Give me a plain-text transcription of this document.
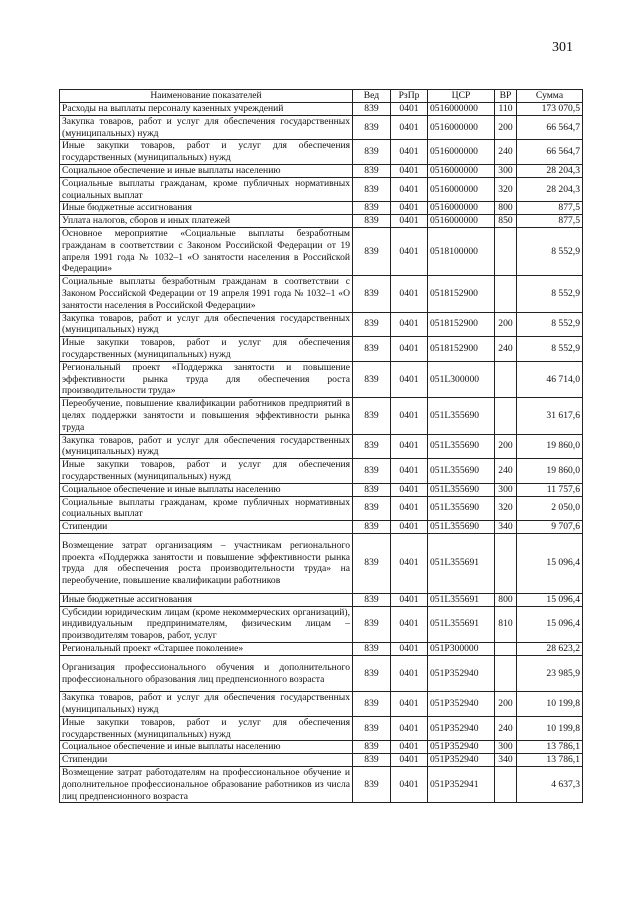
301
Наименование показателей	Вед	РзПр	ЦСР	ВР	Сумма
Расходы на выплаты персоналу казенных учреждений	839	0401	0516000000	110	173 070,5
Закупка товаров, работ и услуг для обеспечения государственных (муниципальных) нужд	839	0401	0516000000	200	66 564,7
Иные закупки товаров, работ и услуг для обеспечения государственных (муниципальных) нужд	839	0401	0516000000	240	66 564,7
Социальное обеспечение и иные выплаты населению	839	0401	0516000000	300	28 204,3
Социальные выплаты гражданам, кроме публичных нормативных социальных выплат	839	0401	0516000000	320	28 204,3
Иные бюджетные ассигнования	839	0401	0516000000	800	877,5
Уплата налогов, сборов и иных платежей	839	0401	0516000000	850	877,5
Основное мероприятие «Социальные выплаты безработным гражданам в соответствии с Законом Российской Федерации от 19 апреля 1991 года № 1032–1 «О занятости населения в Российской Федерации»	839	0401	0518100000		8 552,9
Социальные выплаты безработным гражданам в соответствии с Законом Российской Федерации от 19 апреля 1991 года № 1032–1 «О занятости населения в Российской Федерации»	839	0401	0518152900		8 552,9
Закупка товаров, работ и услуг для обеспечения государственных (муниципальных) нужд	839	0401	0518152900	200	8 552,9
Иные закупки товаров, работ и услуг для обеспечения государственных (муниципальных) нужд	839	0401	0518152900	240	8 552,9
Региональный проект «Поддержка занятости и повышение эффективности рынка труда для обеспечения роста производительности труда»	839	0401	051L300000		46 714,0
Переобучение, повышение квалификации работников предприятий в целях поддержки занятости и повышения эффективности рынка труда	839	0401	051L355690		31 617,6
Закупка товаров, работ и услуг для обеспечения государственных (муниципальных) нужд	839	0401	051L355690	200	19 860,0
Иные закупки товаров, работ и услуг для обеспечения государственных (муниципальных) нужд	839	0401	051L355690	240	19 860,0
Социальное обеспечение и иные выплаты населению	839	0401	051L355690	300	11 757,6
Социальные выплаты гражданам, кроме публичных нормативных социальных выплат	839	0401	051L355690	320	2 050,0
Стипендии	839	0401	051L355690	340	9 707,6
Возмещение затрат организациям – участникам регионального проекта «Поддержка занятости и повышение эффективности рынка труда для обеспечения роста производительности труда» на переобучение, повышение квалификации работников	839	0401	051L355691		15 096,4
Иные бюджетные ассигнования	839	0401	051L355691	800	15 096,4
Субсидии юридическим лицам (кроме некоммерческих организаций), индивидуальным предпринимателям, физическим лицам – производителям товаров, работ, услуг	839	0401	051L355691	810	15 096,4
Региональный проект «Старшее поколение»	839	0401	051P300000		28 623,2
Организация профессионального обучения и дополнительного профессионального образования лиц предпенсионного возраста	839	0401	051P352940		23 985,9
Закупка товаров, работ и услуг для обеспечения государственных (муниципальных) нужд	839	0401	051P352940	200	10 199,8
Иные закупки товаров, работ и услуг для обеспечения государственных (муниципальных) нужд	839	0401	051P352940	240	10 199,8
Социальное обеспечение и иные выплаты населению	839	0401	051P352940	300	13 786,1
Стипендии	839	0401	051P352940	340	13 786,1
Возмещение затрат работодателям на профессиональное обучение и дополнительное профессиональное образование работников из числа лиц предпенсионного возраста	839	0401	051P352941		4 637,3
